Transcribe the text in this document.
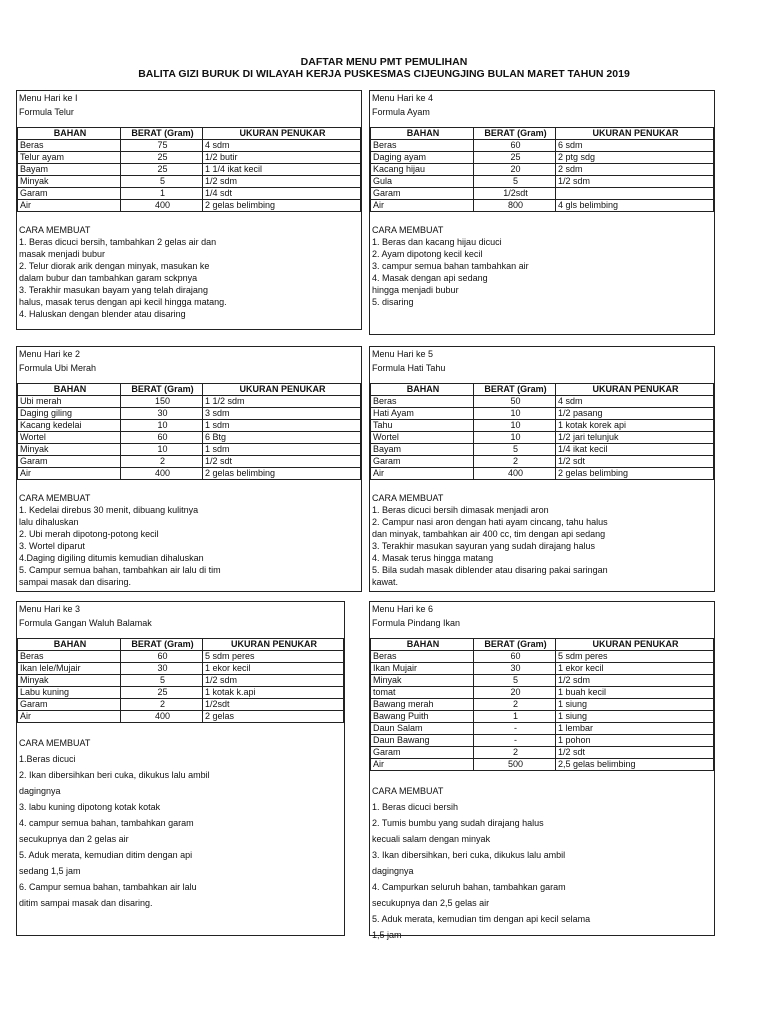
DAFTAR MENU PMT PEMULIHAN
BALITA GIZI BURUK DI WILAYAH KERJA PUSKESMAS CIJEUNGJING BULAN MARET TAHUN 2019
Menu Hari ke I
Formula Telur
BAHAN	BERAT (Gram)	UKURAN PENUKAR
Beras	75	4 sdm
Telur ayam	25	1/2 butir
Bayam	25	1 1/4 ikat kecil
Minyak	5	1/2 sdm
Garam	1	1/4 sdt
Air	400	2 gelas belimbing
CARA MEMBUAT
1. Beras dicuci bersih, tambahkan 2 gelas air dan
masak menjadi bubur
2. Telur diorak arik dengan minyak, masukan ke
dalam bubur dan tambahkan garam sckpnya
3. Terakhir masukan bayam yang telah dirajang
halus, masak terus dengan api kecil hingga matang.
4. Haluskan dengan blender atau disaring
Menu Hari ke 4
Formula Ayam
BAHAN	BERAT (Gram)	UKURAN PENUKAR
Beras	60	6 sdm
Daging ayam	25	2 ptg sdg
Kacang hijau	20	2 sdm
Gula	5	1/2 sdm
Garam	1/2sdt	
Air	800	4 gls belimbing
CARA MEMBUAT
1. Beras dan kacang hijau dicuci
2. Ayam dipotong kecil kecil
3. campur semua bahan tambahkan air
4. Masak dengan api sedang
hingga menjadi bubur
5. disaring
Menu Hari ke 2
Formula Ubi Merah
BAHAN	BERAT (Gram)	UKURAN PENUKAR
Ubi merah	150	1 1/2 sdm
Daging giling	30	3 sdm
Kacang kedelai	10	1 sdm
Wortel	60	6 Btg
Minyak	10	1 sdm
Garam	2	1/2 sdt
Air	400	2 gelas belimbing
CARA MEMBUAT
1. Kedelai direbus 30 menit, dibuang kulitnya
lalu dihaluskan
2. Ubi merah dipotong-potong kecil
3. Wortel diparut
4.Daging digiling ditumis kemudian dihaluskan
5. Campur semua bahan, tambahkan air lalu di tim
sampai masak dan disaring.
Menu Hari ke 5
Formula Hati Tahu
BAHAN	BERAT (Gram)	UKURAN PENUKAR
Beras	50	4 sdm
Hati Ayam	10	1/2 pasang
Tahu	10	1 kotak korek api
Wortel	10	1/2 jari telunjuk
Bayam	5	1/4 ikat kecil
Garam	2	1/2 sdt
Air	400	2 gelas belimbing
CARA MEMBUAT
1. Beras dicuci bersih dimasak menjadi aron
2. Campur nasi aron dengan hati ayam cincang, tahu halus
dan minyak, tambahkan air 400 cc, tim dengan api sedang
3. Terakhir masukan sayuran yang sudah dirajang halus
4. Masak terus hingga matang
5. Bila sudah masak diblender atau disaring pakai saringan
kawat.
Menu Hari ke 3
Formula Gangan Waluh Balamak
BAHAN	BERAT (Gram)	UKURAN PENUKAR
Beras	60	5 sdm peres
Ikan lele/Mujair	30	1 ekor kecil
Minyak	5	1/2 sdm
Labu kuning	25	1 kotak k.api
Garam	2	1/2sdt
Air	400	2 gelas
CARA MEMBUAT
1.Beras dicuci
2. Ikan dibersihkan beri cuka, dikukus lalu ambil
dagingnya
3. labu kuning dipotong kotak kotak
4. campur semua bahan, tambahkan garam
secukupnya dan 2 gelas air
5. Aduk merata, kemudian ditim dengan api
sedang 1,5 jam
6. Campur semua bahan, tambahkan air lalu
ditim sampai masak dan disaring.
Menu Hari ke 6
Formula Pindang Ikan
BAHAN	BERAT (Gram)	UKURAN PENUKAR
Beras	60	5 sdm peres
Ikan Mujair	30	1 ekor kecil
Minyak	5	1/2 sdm
tomat	20	1 buah kecil
Bawang merah	2	1 siung
Bawang Puith	1	1 siung
Daun Salam	-	1 lembar
Daun Bawang	-	1 pohon
Garam	2	1/2 sdt
Air	500	2,5 gelas belimbing
CARA MEMBUAT
1. Beras dicuci bersih
2. Tumis bumbu yang sudah dirajang halus
kecuali salam dengan minyak
3. Ikan dibersihkan, beri cuka, dikukus lalu ambil
dagingnya
4. Campurkan seluruh bahan, tambahkan garam
secukupnya dan 2,5 gelas air
5. Aduk merata, kemudian tim dengan api kecil selama
1,5 jam
